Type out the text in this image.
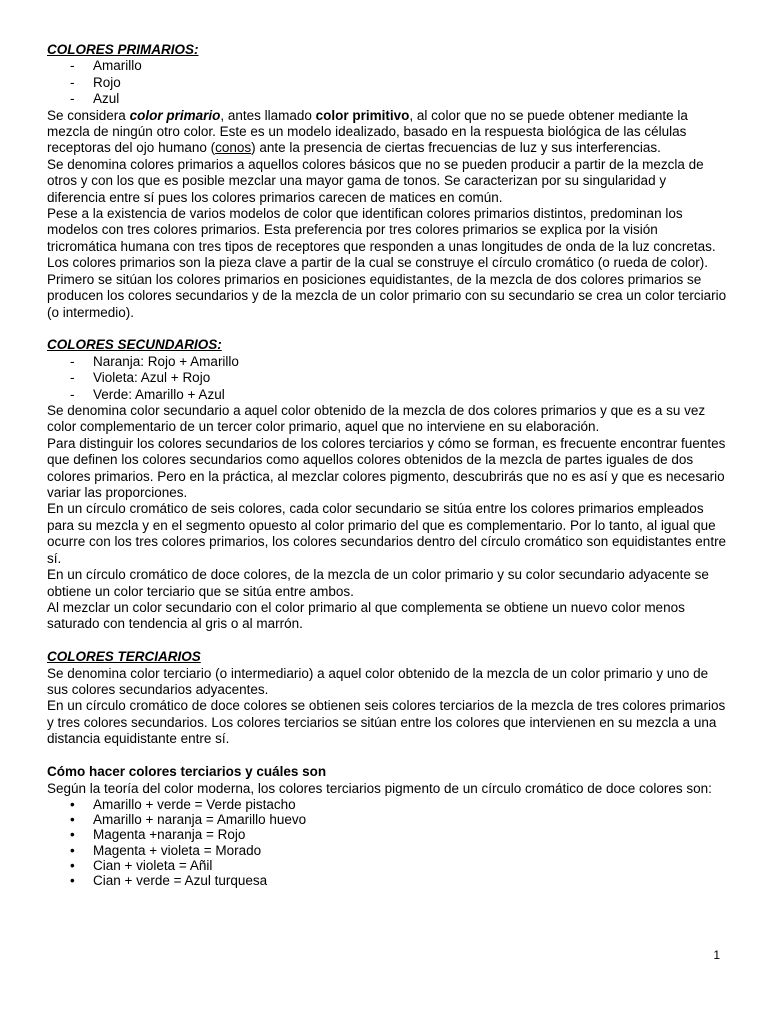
COLORES PRIMARIOS:
- Amarillo
- Rojo
- Azul

Se considera color primario, antes llamado color primitivo, al color que no se puede obtener mediante la mezcla de ningún otro color. Este es un modelo idealizado, basado en la respuesta biológica de las células receptoras del ojo humano (conos) ante la presencia de ciertas frecuencias de luz y sus interferencias.

Se denomina colores primarios a aquellos colores básicos que no se pueden producir a partir de la mezcla de otros y con los que es posible mezclar una mayor gama de tonos. Se caracterizan por su singularidad y diferencia entre sí pues los colores primarios carecen de matices en común.

Pese a la existencia de varios modelos de color que identifican colores primarios distintos, predominan los modelos con tres colores primarios. Esta preferencia por tres colores primarios se explica por la visión tricromática humana con tres tipos de receptores que responden a unas longitudes de onda de la luz concretas.

Los colores primarios son la pieza clave a partir de la cual se construye el círculo cromático (o rueda de color). Primero se sitúan los colores primarios en posiciones equidistantes, de la mezcla de dos colores primarios se producen los colores secundarios y de la mezcla de un color primario con su secundario se crea un color terciario (o intermedio).

COLORES SECUNDARIOS:
- Naranja: Rojo + Amarillo
- Violeta: Azul + Rojo
- Verde: Amarillo + Azul

Se denomina color secundario a aquel color obtenido de la mezcla de dos colores primarios y que es a su vez color complementario de un tercer color primario, aquel que no interviene en su elaboración.

Para distinguir los colores secundarios de los colores terciarios y cómo se forman, es frecuente encontrar fuentes que definen los colores secundarios como aquellos colores obtenidos de la mezcla de partes iguales de dos colores primarios. Pero en la práctica, al mezclar colores pigmento, descubrirás que no es así y que es necesario variar las proporciones.

En un círculo cromático de seis colores, cada color secundario se sitúa entre los colores primarios empleados para su mezcla y en el segmento opuesto al color primario del que es complementario. Por lo tanto, al igual que ocurre con los tres colores primarios, los colores secundarios dentro del círculo cromático son equidistantes entre sí.

En un círculo cromático de doce colores, de la mezcla de un color primario y su color secundario adyacente se obtiene un color terciario que se sitúa entre ambos.

Al mezclar un color secundario con el color primario al que complementa se obtiene un nuevo color menos saturado con tendencia al gris o al marrón.

COLORES TERCIARIOS

Se denomina color terciario (o intermediario) a aquel color obtenido de la mezcla de un color primario y uno de sus colores secundarios adyacentes.

En un círculo cromático de doce colores se obtienen seis colores terciarios de la mezcla de tres colores primarios y tres colores secundarios. Los colores terciarios se sitúan entre los colores que intervienen en su mezcla a una distancia equidistante entre sí.

Cómo hacer colores terciarios y cuáles son

Según la teoría del color moderna, los colores terciarios pigmento de un círculo cromático de doce colores son:

• Amarillo + verde = Verde pistacho
• Amarillo + naranja = Amarillo huevo
• Magenta +naranja = Rojo
• Magenta + violeta = Morado
• Cian + violeta = Añil
• Cian + verde = Azul turquesa
1
